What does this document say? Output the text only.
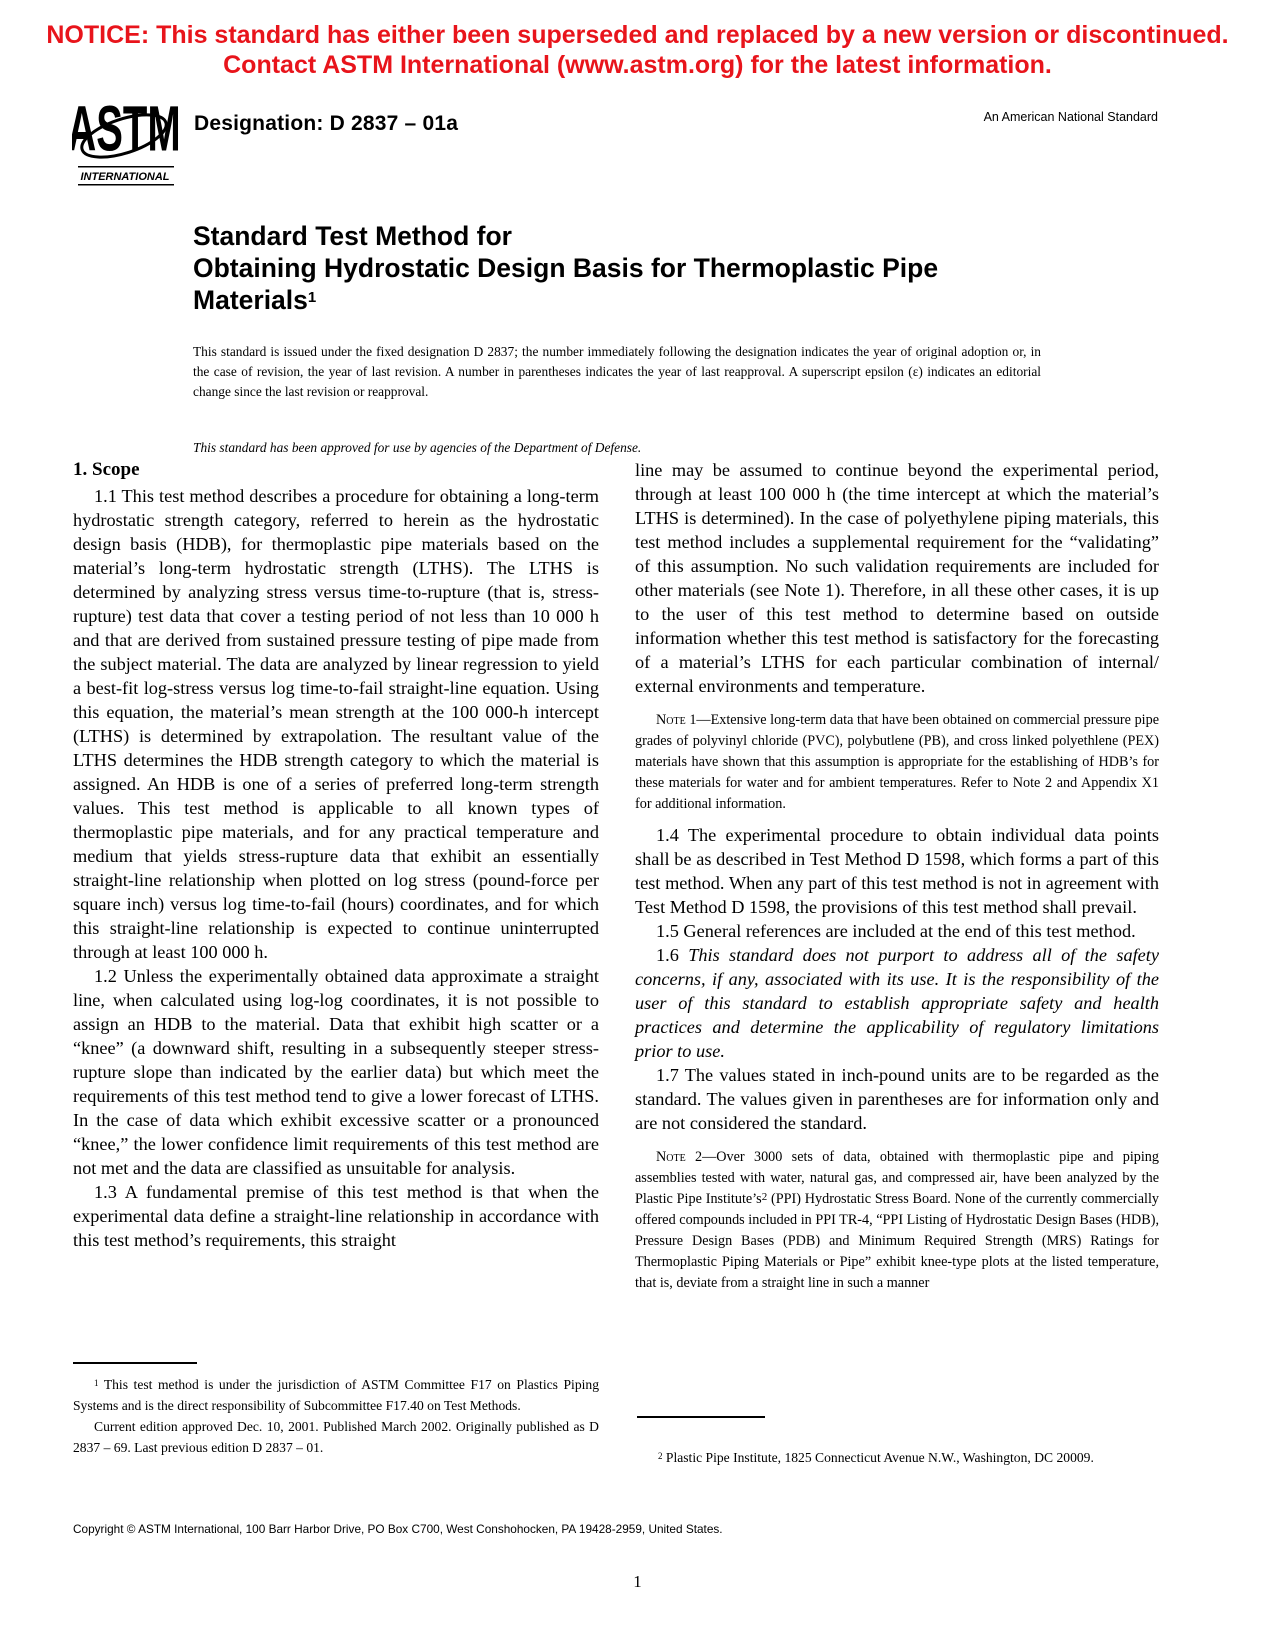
NOTICE: This standard has either been superseded and replaced by a new version or discontinued.
Contact ASTM International (www.astm.org) for the latest information.
ASTM
INTERNATIONAL
Designation: D 2837 – 01a	An American National Standard
Standard Test Method for
Obtaining Hydrostatic Design Basis for Thermoplastic Pipe
Materials$^1$
This standard is issued under the fixed designation D 2837; the number immediately following the designation indicates the year of original adoption or, in the case of revision, the year of last revision. A number in parentheses indicates the year of last reapproval. A superscript epsilon (ε) indicates an editorial change since the last revision or reapproval.
This standard has been approved for use by agencies of the Department of Defense.

1. Scope

1.1 This test method describes a procedure for obtaining a long-term hydrostatic strength category, referred to herein as the hydrostatic design basis (HDB), for thermoplastic pipe materials based on the material’s long-term hydrostatic strength (LTHS). The LTHS is determined by analyzing stress versus time-to-rupture (that is, stress-rupture) test data that cover a testing period of not less than 10 000 h and that are derived from sustained pressure testing of pipe made from the subject material. The data are analyzed by linear regression to yield a best-fit log-stress versus log time-to-fail straight-line equation. Using this equation, the material’s mean strength at the 100 000-h intercept (LTHS) is determined by extrapolation. The resultant value of the LTHS determines the HDB strength category to which the material is assigned. An HDB is one of a series of preferred long-term strength values. This test method is applicable to all known types of thermoplastic pipe materials, and for any practical temperature and medium that yields stress-rupture data that exhibit an essentially straight-line relationship when plotted on log stress (pound-force per square inch) versus log time-to-fail (hours) coordinates, and for which this straight-line relationship is expected to continue uninterrupted through at least 100 000 h.

1.2 Unless the experimentally obtained data approximate a straight line, when calculated using log-log coordinates, it is not possible to assign an HDB to the material. Data that exhibit high scatter or a “knee” (a downward shift, resulting in a subsequently steeper stress-rupture slope than indicated by the earlier data) but which meet the requirements of this test method tend to give a lower forecast of LTHS. In the case of data which exhibit excessive scatter or a pronounced “knee,” the lower confidence limit requirements of this test method are not met and the data are classified as unsuitable for analysis.

1.3 A fundamental premise of this test method is that when the experimental data define a straight-line relationship in accordance with this test method’s requirements, this straight

$^1$ This test method is under the jurisdiction of ASTM Committee F17 on Plastics Piping Systems and is the direct responsibility of Subcommittee F17.40 on Test Methods.

Current edition approved Dec. 10, 2001. Published March 2002. Originally published as D 2837 – 69. Last previous edition D 2837 – 01.

line may be assumed to continue beyond the experimental period, through at least 100 000 h (the time intercept at which the material’s LTHS is determined). In the case of polyethylene piping materials, this test method includes a supplemental requirement for the “validating” of this assumption. No such validation requirements are included for other materials (see Note 1). Therefore, in all these other cases, it is up to the user of this test method to determine based on outside information whether this test method is satisfactory for the forecasting of a material’s LTHS for each particular combination of internal/ external environments and temperature.

Note 1—Extensive long-term data that have been obtained on commercial pressure pipe grades of polyvinyl chloride (PVC), polybutlene (PB), and cross linked polyethlene (PEX) materials have shown that this assumption is appropriate for the establishing of HDB’s for these materials for water and for ambient temperatures. Refer to Note 2 and Appendix X1 for additional information.

1.4 The experimental procedure to obtain individual data points shall be as described in Test Method D 1598, which forms a part of this test method. When any part of this test method is not in agreement with Test Method D 1598, the provisions of this test method shall prevail.

1.5 General references are included at the end of this test method.

1.6 This standard does not purport to address all of the safety concerns, if any, associated with its use. It is the responsibility of the user of this standard to establish appropriate safety and health practices and determine the applicability of regulatory limitations prior to use.

1.7 The values stated in inch-pound units are to be regarded as the standard. The values given in parentheses are for information only and are not considered the standard.

Note 2—Over 3000 sets of data, obtained with thermoplastic pipe and piping assemblies tested with water, natural gas, and compressed air, have been analyzed by the Plastic Pipe $Institute’s^2$ (PPI) Hydrostatic Stress Board. None of the currently commercially offered compounds included in PPI TR-4, “PPI Listing of Hydrostatic Design Bases (HDB), Pressure Design Bases (PDB) and Minimum Required Strength (MRS) Ratings for Thermoplastic Piping Materials or Pipe” exhibit knee-type plots at the listed temperature, that is, deviate from a straight line in such a manner

$^2$ Plastic Pipe Institute, 1825 Connecticut Avenue N.W., Washington, DC 20009.

Copyright © ASTM International, 100 Barr Harbor Drive, PO Box C700, West Conshohocken, PA 19428-2959, United States.
1
